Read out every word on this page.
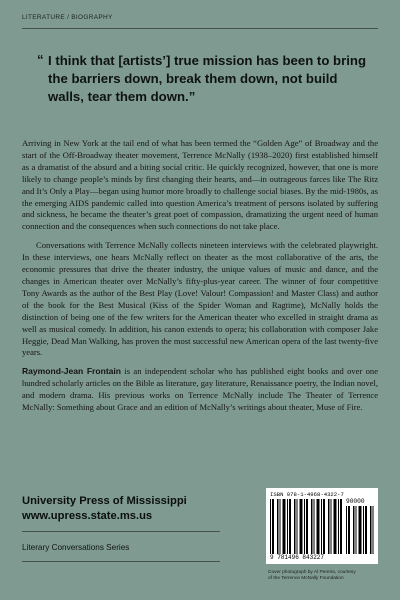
LITERATURE / BIOGRAPHY

“ I think that [artists’] true mission has been to bring the barriers down, break them down, not build walls, tear them down.”

Arriving in New York at the tail end of what has been termed the “Golden Age” of Broadway and the start of the Off-Broadway theater movement, Terrence McNally (1938–2020) first established himself as a dramatist of the absurd and a biting social critic. He quickly recognized, however, that one is more likely to change people’s minds by first changing their hearts, and—in outrageous farces like The Ritz and It’s Only a Play—began using humor more broadly to challenge social biases. By the mid-1980s, as the emerging AIDS pandemic called into question America’s treatment of persons isolated by suffering and sickness, he became the theater’s great poet of compassion, dramatizing the urgent need of human connection and the consequences when such connections do not take place.

Conversations with Terrence McNally collects nineteen interviews with the celebrated playwright. In these interviews, one hears McNally reflect on theater as the most collaborative of the arts, the economic pressures that drive the theater industry, the unique values of music and dance, and the changes in American theater over McNally’s fifty-plus-year career. The winner of four competitive Tony Awards as the author of the Best Play (Love! Valour! Compassion! and Master Class) and author of the book for the Best Musical (Kiss of the Spider Woman and Ragtime), McNally holds the distinction of being one of the few writers for the American theater who excelled in straight drama as well as musical comedy. In addition, his canon extends to opera; his collaboration with composer Jake Heggie, Dead Man Walking, has proven the most successful new American opera of the last twenty-five years.

Raymond-Jean Frontain is an independent scholar who has published eight books and over one hundred scholarly articles on the Bible as literature, gay literature, Renaissance poetry, the Indian novel, and modern drama. His previous works on Terrence McNally include The Theater of Terrence McNally: Something about Grace and an edition of McNally’s writings about theater, Muse of Fire.

University Press of Mississippi
www.upress.state.ms.us
Literary Conversations Series
ISBN 978-1-4968-4322-7
90000
9 781496 843227
Cover photograph by Al Pereira, courtesy
of the Terrence McNally Foundation
